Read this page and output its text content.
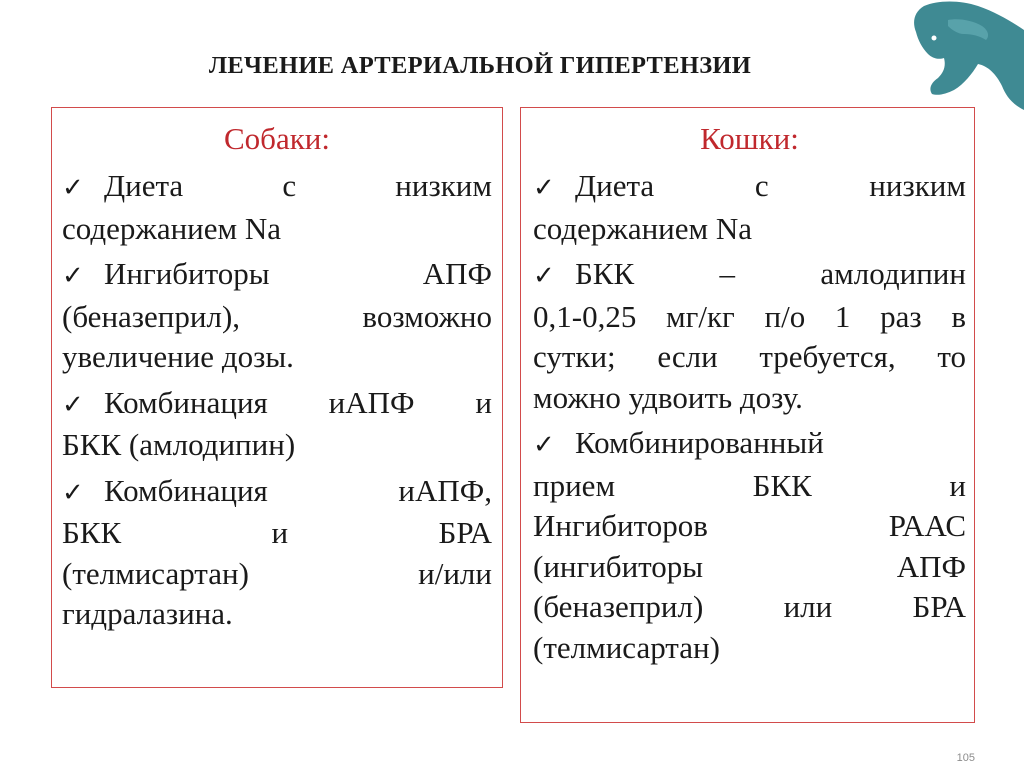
ЛЕЧЕНИЕ АРТЕРИАЛЬНОЙ ГИПЕРТЕНЗИИ
Собаки:
✓ Диета с низким
содержанием Na
✓ Ингибиторы АПФ
(беназеприл), возможно
увеличение дозы.
✓ Комбинация иАПФ и
БКК (амлодипин)
✓ Комбинация иАПФ,
БКК и БРА
(телмисартан) и/или
гидралазина.
Кошки:
✓ Диета с низким
содержанием Na
✓ БКК – амлодипин
0,1-0,25 мг/кг п/о 1 раз в
сутки; если требуется, то
можно удвоить дозу.
✓ Комбинированный
прием БКК и
Ингибиторов РААС
(ингибиторы АПФ
(беназеприл) или БРА
(телмисартан)
105
